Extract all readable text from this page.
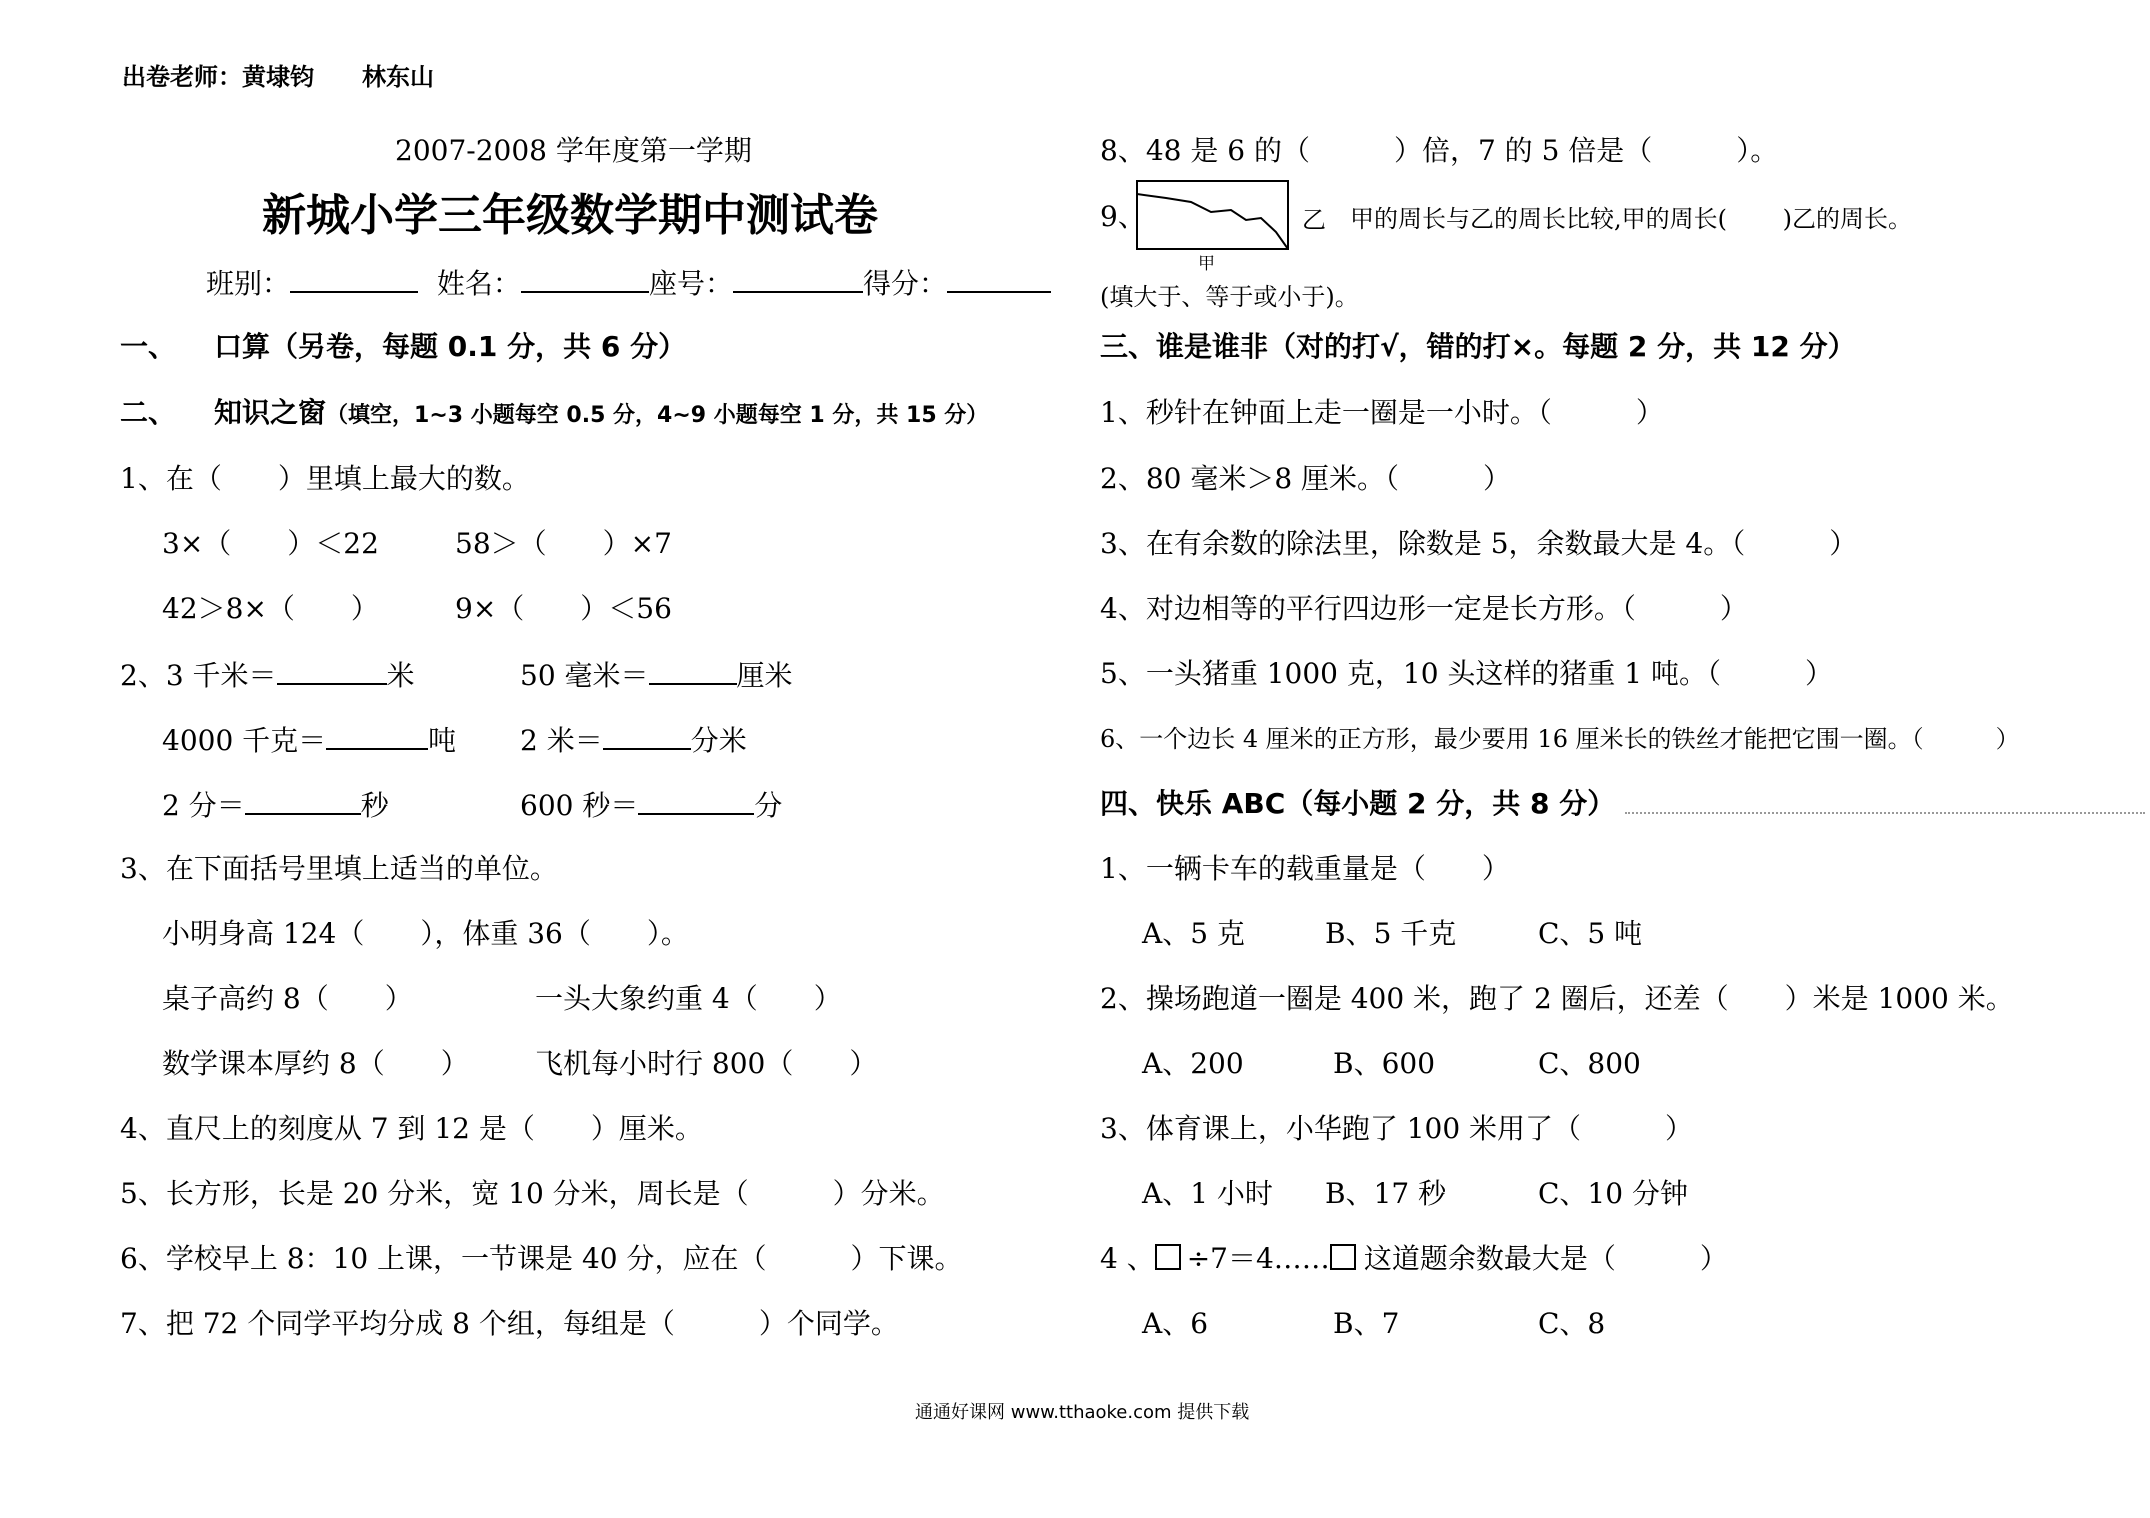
出卷老师：黄埭钧　　林东山
2007-2008 学年度第一学期
新城小学三年级数学期中测试卷
班别：	姓名：	座号：	得分：
一、 口算（另卷，每题 0.1 分，共 6 分）
二、 知识之窗（填空，1~3 小题每空 0.5 分，4~9 小题每空 1 分，共 15 分）
1、在（　　）里填上最大的数。
3×（　　）＜22	58＞（　　）×7
42＞8×（　　）	9×（　　）＜56
2、3 千米＝	米	50 毫米＝	厘米
4000 千克＝	吨 2 米＝	分米
2 分＝	秒	600 秒＝	分
3、在下面括号里填上适当的单位。
小明身高 124（　　），体重 36（　　）。
桌子高约 8（　　）	一头大象约重 4（　　）
数学课本厚约 8（　　） 飞机每小时行 800（　　）
4、直尺上的刻度从 7 到 12 是（　　）厘米。
5、长方形，长是 20 分米，宽 10 分米，周长是（　　　）分米。
6、学校早上 8：10 上课，一节课是 40 分，应在（　　　）下课。
7、把 72 个同学平均分成 8 个组，每组是（　　　）个同学。
8、48 是 6 的（　　　）倍，7 的 5 倍是（　　　）。
9、	乙 甲的周长与乙的周长比较,甲的周长(　　 )乙的周长。
甲
(填大于、等于或小于)。
三、谁是谁非（对的打√，错的打×。每题 2 分，共 12 分）
1、秒针在钟面上走一圈是一小时。（　　　）
2、80 毫米＞8 厘米。（　　　）
3、在有余数的除法里，除数是 5，余数最大是 4。（　　　）
4、对边相等的平行四边形一定是长方形。（　　　）
5、一头猪重 1000 克，10 头这样的猪重 1 吨。（　　　）
6、一个边长 4 厘米的正方形，最少要用 16 厘米长的铁丝才能把它围一圈。（　　　）
四、快乐 ABC（每小题 2 分，共 8 分）
1、一辆卡车的载重量是（　　）
A、5 克	B、5 千克	C、5 吨
2、操场跑道一圈是 400 米，跑了 2 圈后，还差（　　）米是 1000 米。
A、200	B、600	C、800
3、体育课上，小华跑了 100 米用了（　　　）
A、1 小时 B、17 秒	C、10 分钟
4 、 ÷7＝4…… 这道题余数最大是（　　　）
A、6	B、7	C、8
通通好课网 www.tthaoke.com 提供下载
